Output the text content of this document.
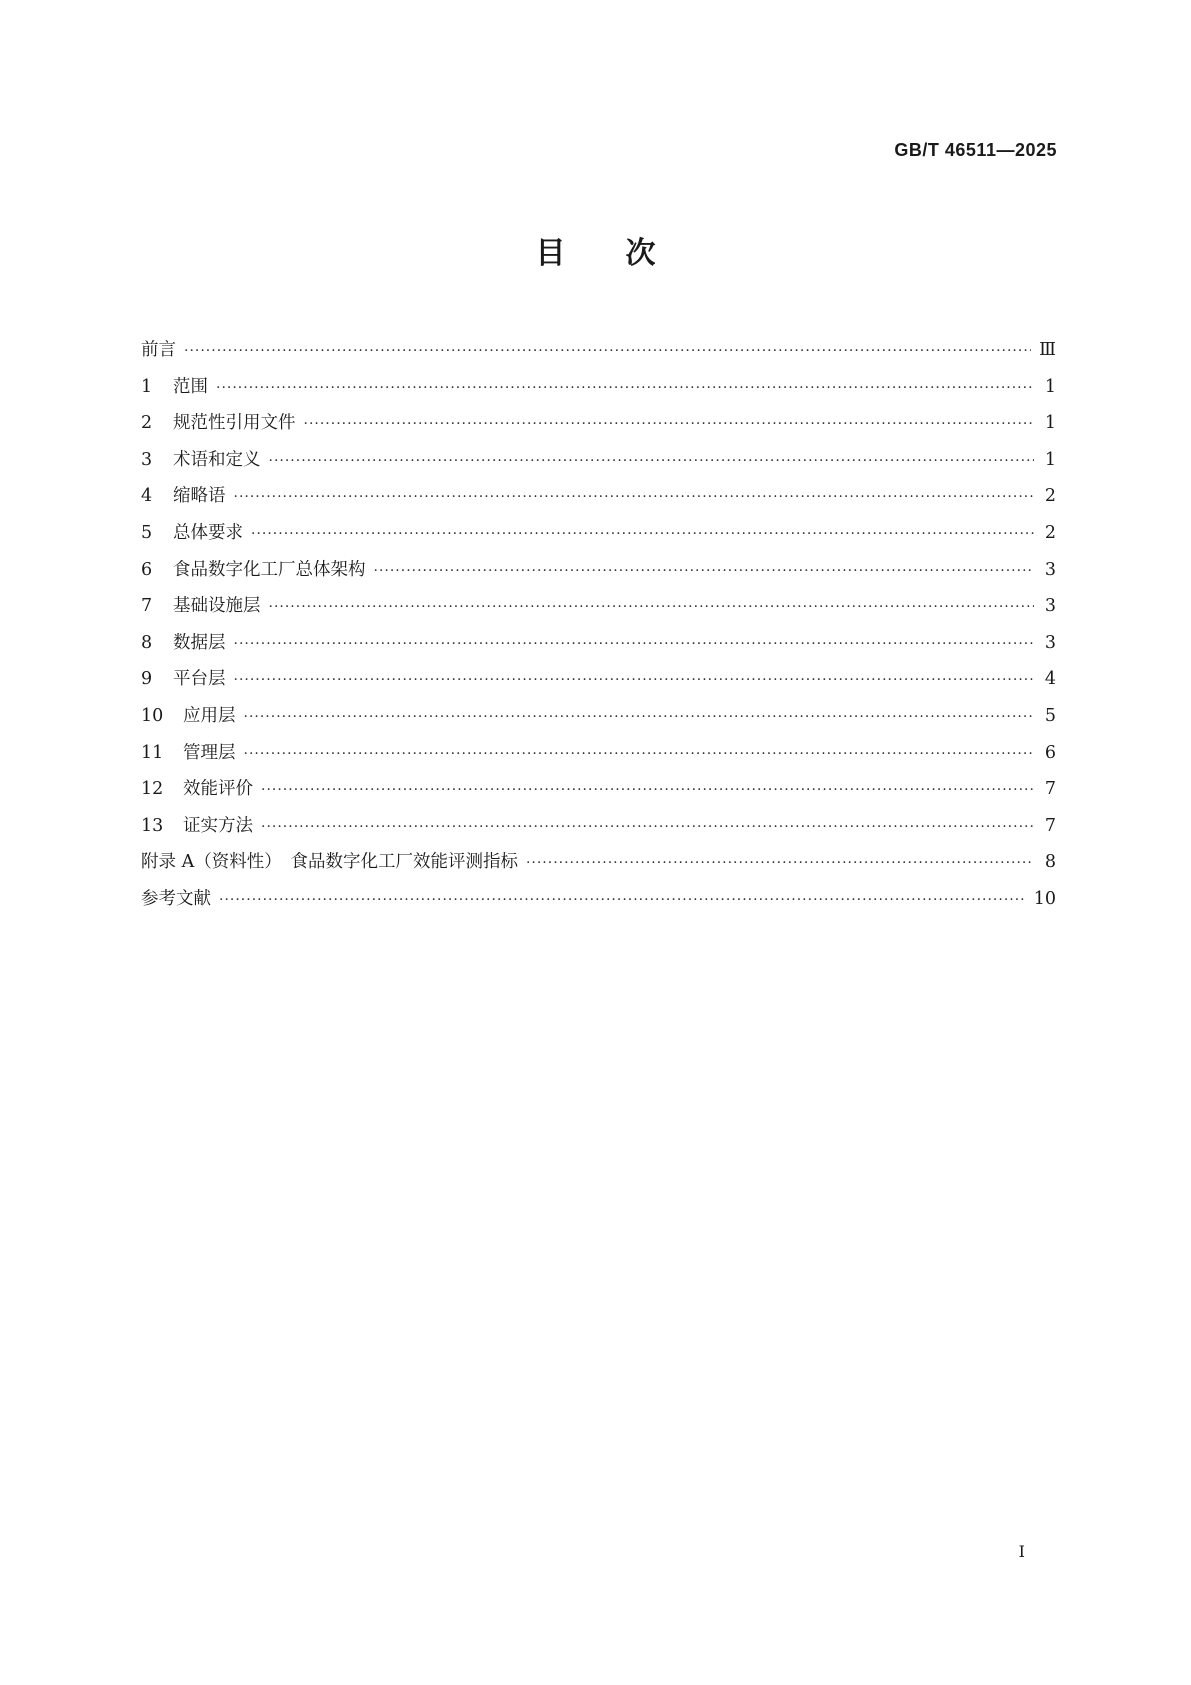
GB/T 46511—2025
目次
前言 ·····	Ⅲ
1	范围 ·····	1
2	规范性引用文件 ·····	1
3	术语和定义 ·····	1
4	缩略语 ·····	2
5	总体要求 ·····	2
6	食品数字化工厂总体架构 ·····	3
7	基础设施层 ·····	3
8	数据层 ·····	3
9	平台层 ·····	4
10	应用层 ·····	5
11	管理层 ·····	6
12	效能评价 ·····	7
13	证实方法 ·····	7
附录 A（资料性）　食品数字化工厂效能评测指标 ·····	8
参考文献 ·····	10
Ⅰ
